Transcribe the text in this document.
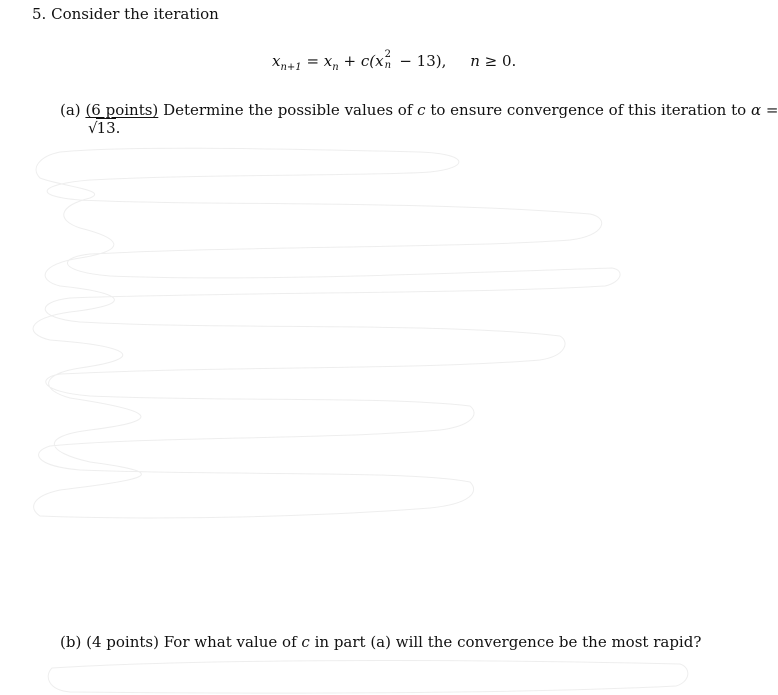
5. Consider the iteration
$x_{n+1} = x_n + c(x$ 2
n − 13), n ≥ 0.
(a) (6 points) Determine the possible values of c to ensure convergence of this iteration to α =
√13.
(b) (4 points) For what value of c in part (a) will the convergence be the most rapid?
